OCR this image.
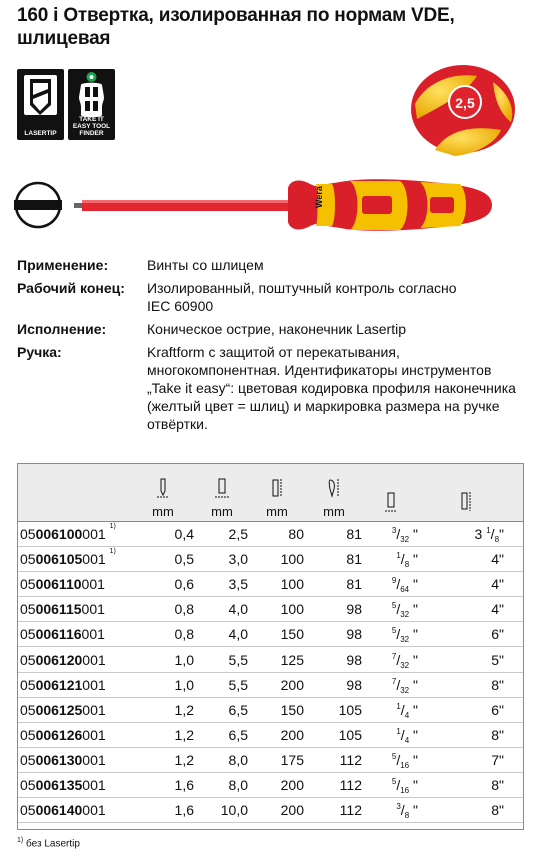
160 i Отвертка, изолированная по нормам VDE,
шлицевая
LASERTIP
TAKE IT EASY TOOL FINDER
2,5
Wera
Применение:	Винты со шлицем
Рабочий конец:	Изолированный, поштучный контроль согласно IEC 60900
Исполнение:	Коническое острие, наконечник Lasertip
Ручка:	Kraftform с защитой от перекатывания, многокомпонентная. Идентификаторы инструментов „Take it easy“: цветовая кодировка профиля наконечника (желтый цвет = шлиц) и маркировка размера на ручке отвёртки.

	mm	mm	mm	mm

05006100001 $^{1)}$	0,4	2,5	80	81	$^3/_{32}$ "	3 $^1/_8$"
05006105001 $^{1)}$	0,5	3,0	100	81	$^1/_8$ "	4"
05006110001	0,6	3,5	100	81	$^9/_{64}$ "	4"
05006115001	0,8	4,0	100	98	$^5/_{32}$ "	4"
05006116001	0,8	4,0	150	98	$^5/_{32}$ "	6"
05006120001	1,0	5,5	125	98	$^7/_{32}$ "	5"
05006121001	1,0	5,5	200	98	$^7/_{32}$ "	8"
05006125001	1,2	6,5	150	105	$^1/_4$ "	6"
05006126001	1,2	6,5	200	105	$^1/_4$ "	8"
05006130001	1,2	8,0	175	112	$^5/_{16}$ "	7"
05006135001	1,6	8,0	200	112	$^5/_{16}$ "	8"
05006140001	1,6	10,0	200	112	$^3/_8$ "	8"
$^{1)}$ без Lasertip
